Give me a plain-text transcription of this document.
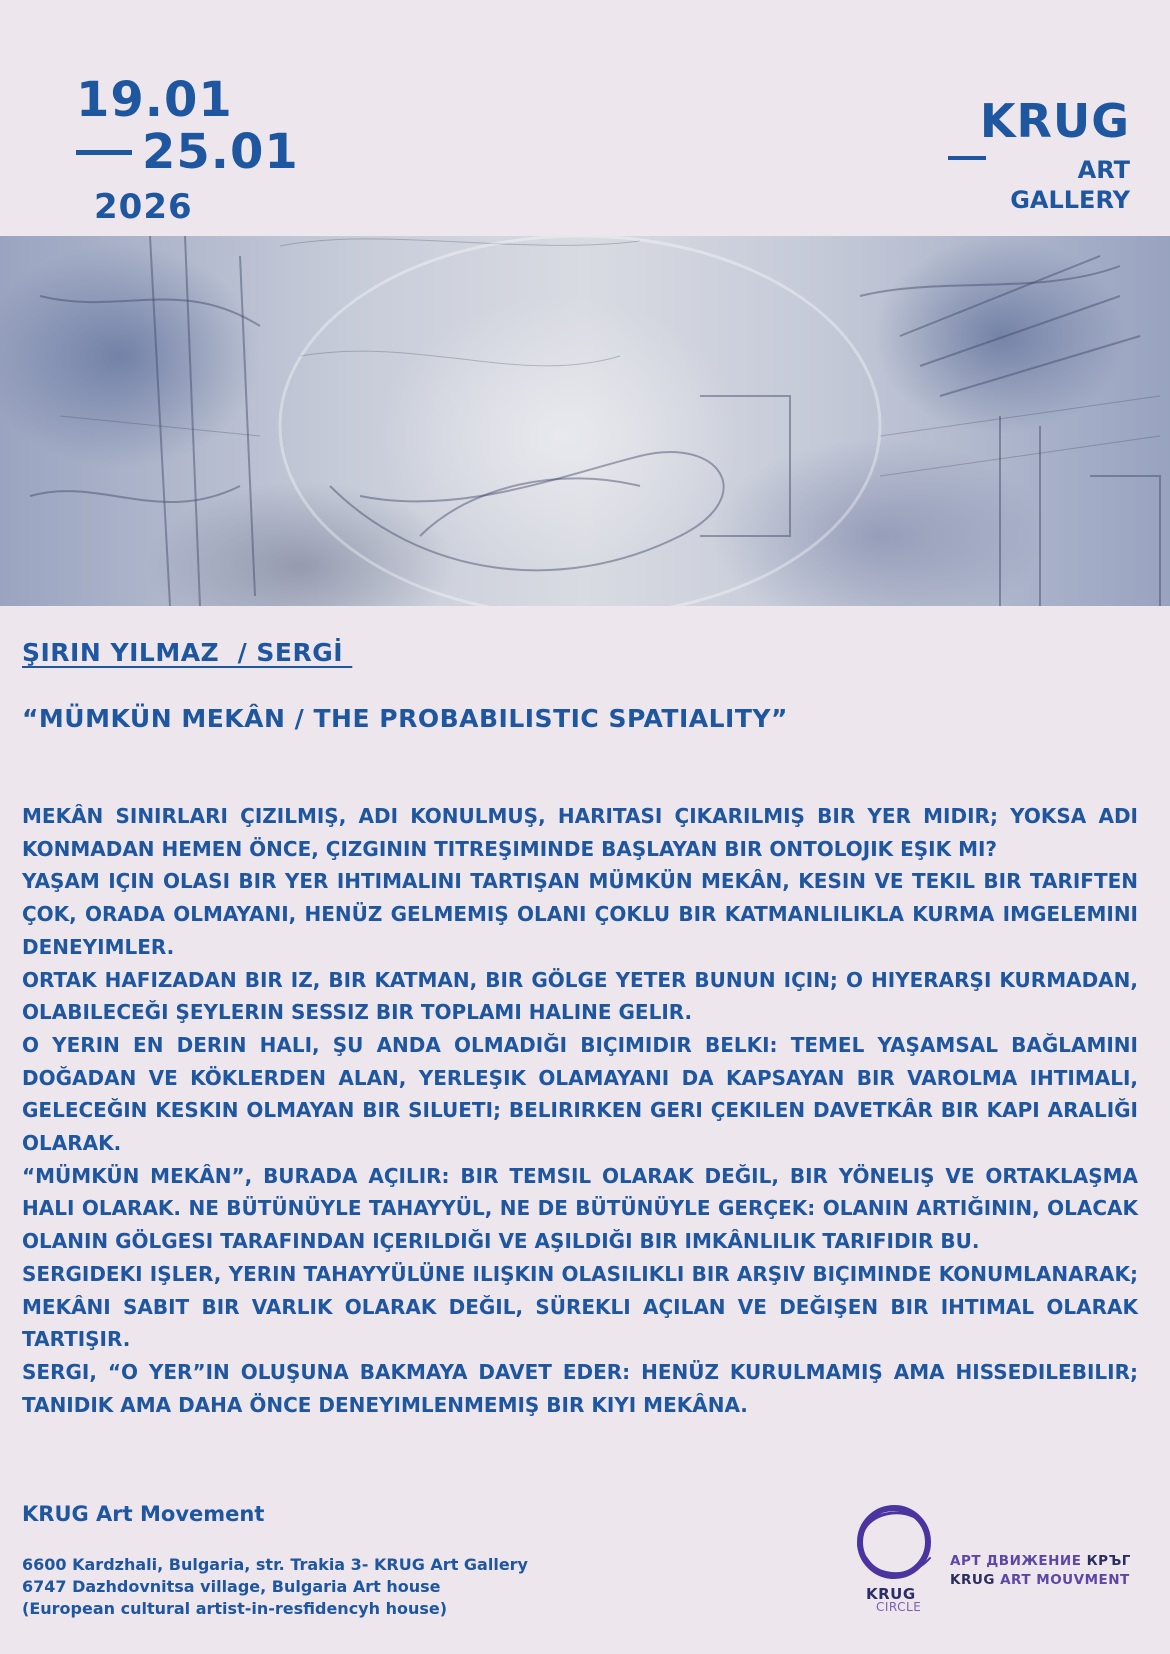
19.01
25.01
2026
KRUG
ART
GALLERY
ŞIRIN YILMAZ  / SERGİ
“MÜMKÜN MEKÂN / THE PROBABILISTIC SPATIALITY”

MEKÂN SINIRLARI ÇIZILMIŞ, ADI KONULMUŞ, HARITASI ÇIKARILMIŞ BIR YER MIDIR; YOKSA ADI KONMADAN HEMEN ÖNCE, ÇIZGININ TITREŞIMINDE BAŞLAYAN BIR ONTOLOJIK EŞIK MI?

YAŞAM IÇIN OLASI BIR YER IHTIMALINI TARTIŞAN MÜMKÜN MEKÂN, KESIN VE TEKIL BIR TARIFTEN ÇOK, ORADA OLMAYANI, HENÜZ GELMEMIŞ OLANI ÇOKLU BIR KATMANLILIKLA KURMA IMGELEMINI DENEYIMLER.

ORTAK HAFIZADAN BIR IZ, BIR KATMAN, BIR GÖLGE YETER BUNUN IÇIN; O HIYERARŞI KURMADAN, OLABILECEĞI ŞEYLERIN SESSIZ BIR TOPLAMI HALINE GELIR.

O YERIN EN DERIN HALI, ŞU ANDA OLMADIĞI BIÇIMIDIR BELKI: TEMEL YAŞAMSAL BAĞLAMINI DOĞADAN VE KÖKLERDEN ALAN, YERLEŞIK OLAMAYANI DA KAPSAYAN BIR VAROLMA IHTIMALI, GELECEĞIN KESKIN OLMAYAN BIR SILUETI; BELIRIRKEN GERI ÇEKILEN DAVETKÂR BIR KAPI ARALIĞI OLARAK.

“MÜMKÜN MEKÂN”, BURADA AÇILIR: BIR TEMSIL OLARAK DEĞIL, BIR YÖNELIŞ VE ORTAKLAŞMA HALI OLARAK. NE BÜTÜNÜYLE TAHAYYÜL, NE DE BÜTÜNÜYLE GERÇEK: OLANIN ARTIĞININ, OLACAK OLANIN GÖLGESI TARAFINDAN IÇERILDIĞI VE AŞILDIĞI BIR IMKÂNLILIK TARIFIDIR BU.

SERGIDEKI IŞLER, YERIN TAHAYYÜLÜNE ILIŞKIN OLASILIKLI BIR ARŞIV BIÇIMINDE KONUMLANARAK; MEKÂNI SABIT BIR VARLIK OLARAK DEĞIL, SÜREKLI AÇILAN VE DEĞIŞEN BIR IHTIMAL OLARAK TARTIŞIR.

SERGI, “O YER”IN OLUŞUNA BAKMAYA DAVET EDER: HENÜZ KURULMAMIŞ AMA HISSEDILEBILIR; TANIDIK AMA DAHA ÖNCE DENEYIMLENMEMIŞ BIR KIYI MEKÂNA.

KRUG Art Movement
6600 Kardzhali, Bulgaria, str. Trakia 3- KRUG Art Gallery
6747 Dazhdovnitsa village, Bulgaria Art house
(European cultural artist-in-resfidencyh house)
KRUG
CIRCLE
АРТ ДВИЖЕНИЕ КРЪГ
KRUG ART MOUVMENT
